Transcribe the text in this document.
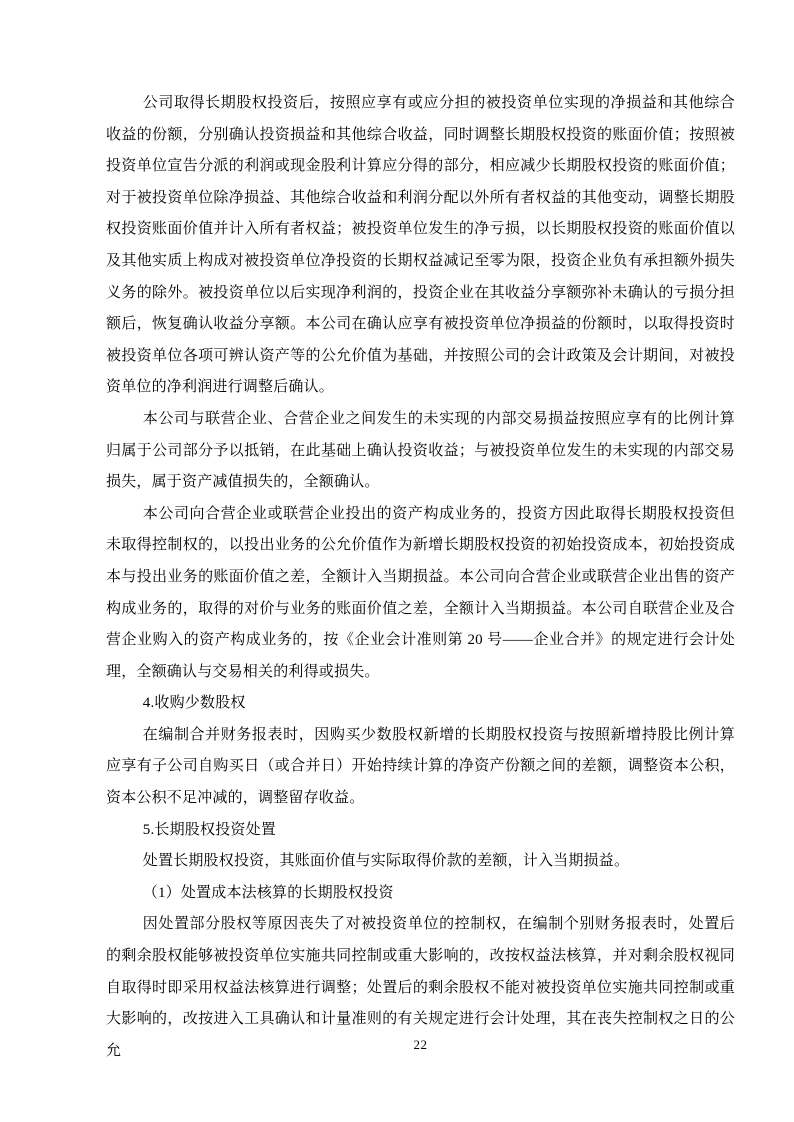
公司取得长期股权投资后，按照应享有或应分担的被投资单位实现的净损益和其他综合收益的份额，分别确认投资损益和其他综合收益，同时调整长期股权投资的账面价值；按照被投资单位宣告分派的利润或现金股利计算应分得的部分，相应减少长期股权投资的账面价值；对于被投资单位除净损益、其他综合收益和利润分配以外所有者权益的其他变动，调整长期股权投资账面价值并计入所有者权益；被投资单位发生的净亏损，以长期股权投资的账面价值以及其他实质上构成对被投资单位净投资的长期权益减记至零为限，投资企业负有承担额外损失义务的除外。被投资单位以后实现净利润的，投资企业在其收益分享额弥补未确认的亏损分担额后，恢复确认收益分享额。本公司在确认应享有被投资单位净损益的份额时，以取得投资时被投资单位各项可辨认资产等的公允价值为基础，并按照公司的会计政策及会计期间，对被投资单位的净利润进行调整后确认。

本公司与联营企业、合营企业之间发生的未实现的内部交易损益按照应享有的比例计算归属于公司部分予以抵销，在此基础上确认投资收益；与被投资单位发生的未实现的内部交易损失，属于资产减值损失的，全额确认。

本公司向合营企业或联营企业投出的资产构成业务的，投资方因此取得长期股权投资但未取得控制权的，以投出业务的公允价值作为新增长期股权投资的初始投资成本，初始投资成本与投出业务的账面价值之差，全额计入当期损益。本公司向合营企业或联营企业出售的资产构成业务的，取得的对价与业务的账面价值之差，全额计入当期损益。本公司自联营企业及合营企业购入的资产构成业务的，按《企业会计准则第 20 号——企业合并》的规定进行会计处理，全额确认与交易相关的利得或损失。

4.收购少数股权

在编制合并财务报表时，因购买少数股权新增的长期股权投资与按照新增持股比例计算应享有子公司自购买日（或合并日）开始持续计算的净资产份额之间的差额，调整资本公积，资本公积不足冲减的，调整留存收益。

5.长期股权投资处置

处置长期股权投资，其账面价值与实际取得价款的差额，计入当期损益。

（1）处置成本法核算的长期股权投资

因处置部分股权等原因丧失了对被投资单位的控制权，在编制个别财务报表时，处置后的剩余股权能够被投资单位实施共同控制或重大影响的，改按权益法核算，并对剩余股权视同自取得时即采用权益法核算进行调整；处置后的剩余股权不能对被投资单位实施共同控制或重大影响的，改按进入工具确认和计量准则的有关规定进行会计处理，其在丧失控制权之日的公允	22
